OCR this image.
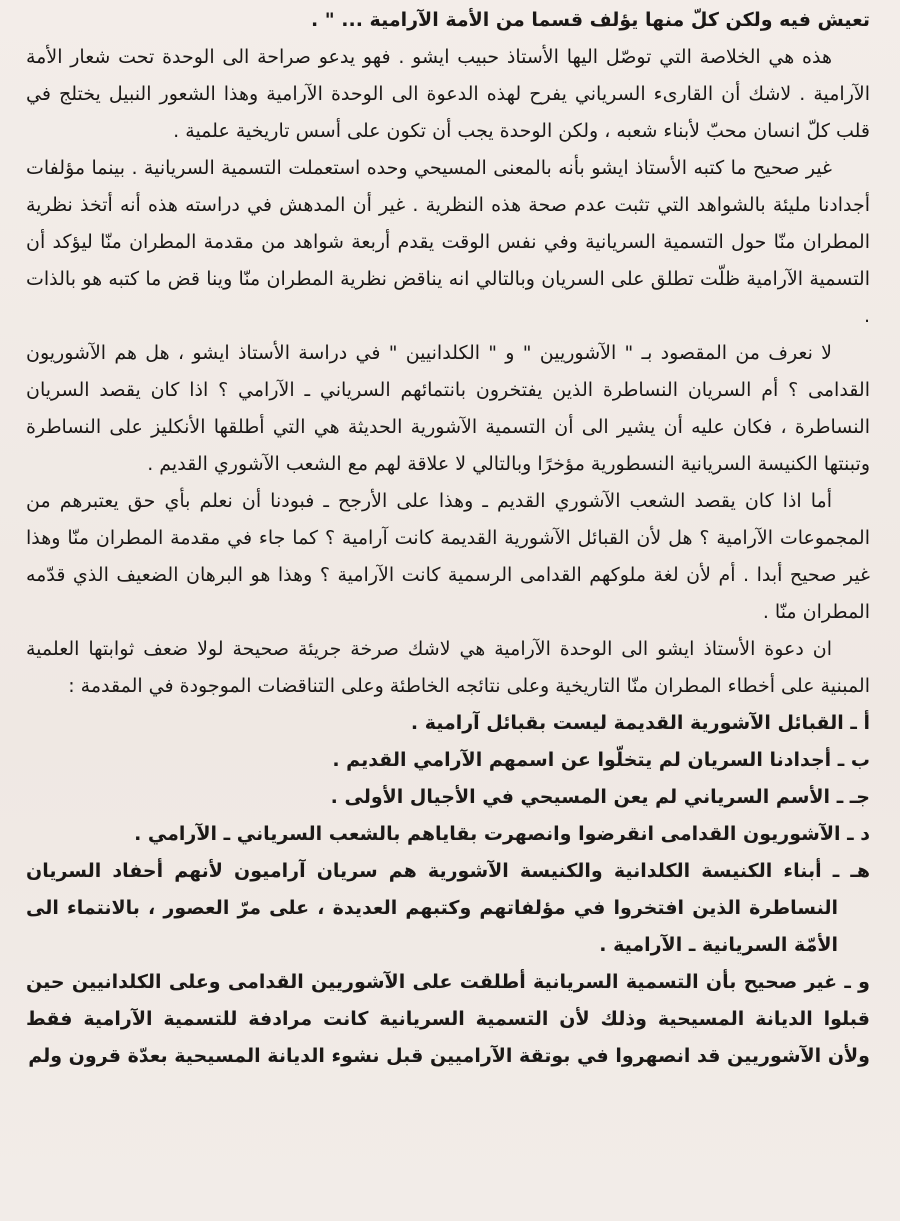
تعيش فيه ولكن كلّ منها يؤلف قسما من الأمة الآرامية ... " .

هذه هي الخلاصة التي توصّل اليها الأستاذ حبيب ايشو . فهو يدعو صراحة الى الوحدة تحت شعار الأمة الآرامية . لاشك أن القارىء السرياني يفرح لهذه الدعوة الى الوحدة الآرامية وهذا الشعور النبيل يختلج في قلب كلّ انسان محبّ لأبناء شعبه ، ولكن الوحدة يجب أن تكون على أسس تاريخية علمية .

غير صحيح ما كتبه الأستاذ ايشو بأنه بالمعنى المسيحي وحده استعملت التسمية السريانية . بينما مؤلفات أجدادنا مليئة بالشواهد التي تثبت عدم صحة هذه النظرية . غير أن المدهش في دراسته هذه أنه أتخذ نظرية المطران منّا حول التسمية السريانية وفي نفس الوقت يقدم أربعة شواهد من مقدمة المطران منّا ليؤكد أن التسمية الآرامية ظلّت تطلق على السريان وبالتالي انه يناقض نظرية المطران منّا وينا قض ما كتبه هو بالذات .

لا نعرف من المقصود بـ " الآشوريين " و " الكلدانيين " في دراسة الأستاذ ايشو ، هل هم الآشوريون القدامى ؟ أم السريان النساطرة الذين يفتخرون بانتمائهم السرياني ـ الآرامي ؟ اذا كان يقصد السريان النساطرة ، فكان عليه أن يشير الى أن التسمية الآشورية الحديثة هي التي أطلقها الأنكليز على النساطرة وتبنتها الكنيسة السريانية النسطورية مؤخرًا وبالتالي لا علاقة لهم مع الشعب الآشوري القديم .

أما اذا كان يقصد الشعب الآشوري القديم ـ وهذا على الأرجح ـ فبودنا أن نعلم بأي حق يعتبرهم من المجموعات الآرامية ؟ هل لأن القبائل الآشورية القديمة كانت آرامية ؟ كما جاء في مقدمة المطران منّا وهذا غير صحيح أبدا . أم لأن لغة ملوكهم القدامى الرسمية كانت الآرامية ؟ وهذا هو البرهان الضعيف الذي قدّمه المطران منّا .

ان دعوة الأستاذ ايشو الى الوحدة الآرامية هي لاشك صرخة جريئة صحيحة لولا ضعف ثوابتها العلمية المبنية على أخطاء المطران منّا التاريخية وعلى نتائجه الخاطئة وعلى التناقضات الموجودة في المقدمة :

أ ـ القبائل الآشورية القديمة ليست بقبائل آرامية .

ب ـ أجدادنا السريان لم يتخلّوا عن اسمهم الآرامي القديم .

جـ ـ الأسم السرياني لم يعن المسيحي في الأجيال الأولى .

د ـ الآشوريون القدامى انقرضوا وانصهرت بقاياهم بالشعب السرياني ـ الآرامي .

هـ ـ أبناء الكنيسة الكلدانية والكنيسة الآشورية هم سريان آراميون لأنهم أحفاد السريان النساطرة الذين افتخروا في مؤلفاتهم وكتبهم العديدة ، على مرّ العصور ، بالانتماء الى الأمّة السريانية ـ الآرامية .

و ـ غير صحيح بأن التسمية السريانية أطلقت على الآشوريين القدامى وعلى الكلدانيين حين قبلوا الديانة المسيحية وذلك لأن التسمية السريانية كانت مرادفة للتسمية الآرامية فقط ولأن الآشوريين قد انصهروا في بوتقة الآراميين قبل نشوء الديانة المسيحية بعدّة قرون ولم
